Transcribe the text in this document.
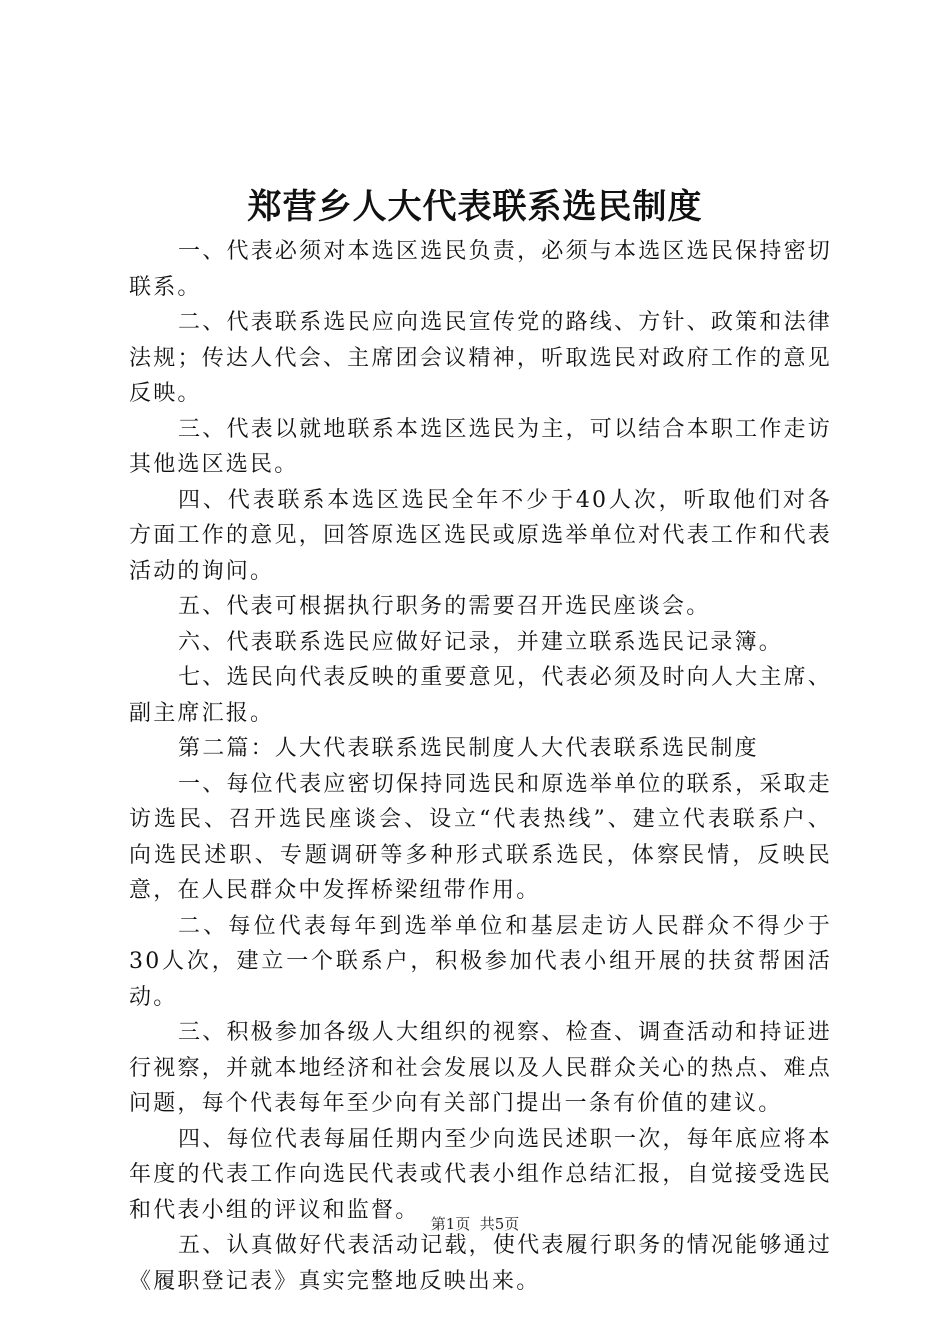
郑营乡人大代表联系选民制度

一、代表必须对本选区选民负责，必须与本选区选民保持密切联系。

二、代表联系选民应向选民宣传党的路线、方针、政策和法律法规；传达人代会、主席团会议精神，听取选民对政府工作的意见反映。

三、代表以就地联系本选区选民为主，可以结合本职工作走访其他选区选民。

四、代表联系本选区选民全年不少于40人次，听取他们对各方面工作的意见，回答原选区选民或原选举单位对代表工作和代表活动的询问。

五、代表可根据执行职务的需要召开选民座谈会。

六、代表联系选民应做好记录，并建立联系选民记录簿。

七、选民向代表反映的重要意见，代表必须及时向人大主席、副主席汇报。

第二篇：人大代表联系选民制度人大代表联系选民制度

一、每位代表应密切保持同选民和原选举单位的联系，采取走访选民、召开选民座谈会、设立“代表热线”、建立代表联系户、向选民述职、专题调研等多种形式联系选民，体察民情，反映民意，在人民群众中发挥桥梁纽带作用。

二、每位代表每年到选举单位和基层走访人民群众不得少于30人次，建立一个联系户，积极参加代表小组开展的扶贫帮困活动。

三、积极参加各级人大组织的视察、检查、调查活动和持证进行视察，并就本地经济和社会发展以及人民群众关心的热点、难点问题，每个代表每年至少向有关部门提出一条有价值的建议。

四、每位代表每届任期内至少向选民述职一次，每年底应将本年度的代表工作向选民代表或代表小组作总结汇报，自觉接受选民和代表小组的评议和监督。

五、认真做好代表活动记载，使代表履行职务的情况能够通过《履职登记表》真实完整地反映出来。

第1页  共5页
